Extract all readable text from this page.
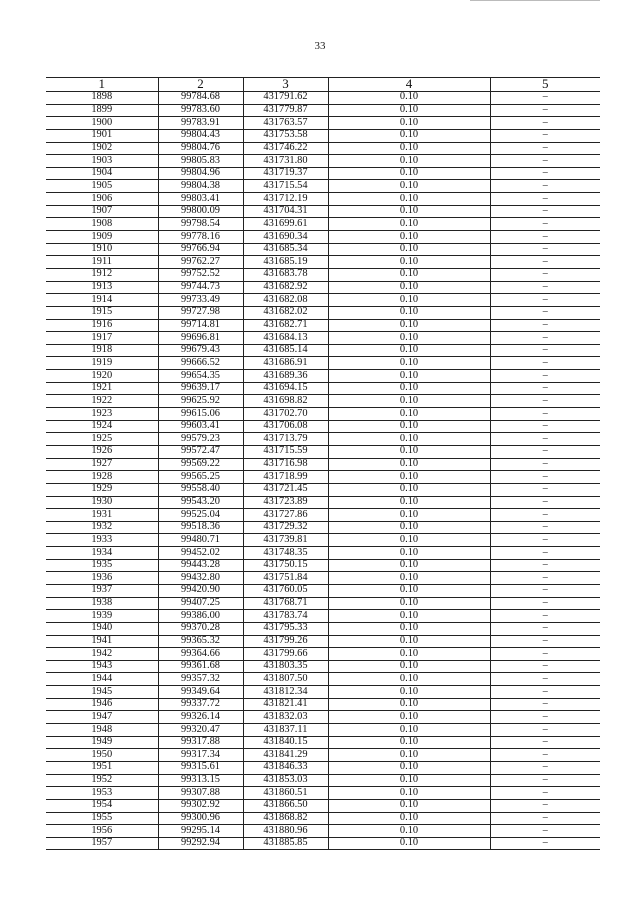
33
1	2	3	4	5
1898	99784.68	431791.62	0.10	–
1899	99783.60	431779.87	0.10	–
1900	99783.91	431763.57	0.10	–
1901	99804.43	431753.58	0.10	–
1902	99804.76	431746.22	0.10	–
1903	99805.83	431731.80	0.10	–
1904	99804.96	431719.37	0.10	–
1905	99804.38	431715.54	0.10	–
1906	99803.41	431712.19	0.10	–
1907	99800.09	431704.31	0.10	–
1908	99798.54	431699.61	0.10	–
1909	99778.16	431690.34	0.10	–
1910	99766.94	431685.34	0.10	–
1911	99762.27	431685.19	0.10	–
1912	99752.52	431683.78	0.10	–
1913	99744.73	431682.92	0.10	–
1914	99733.49	431682.08	0.10	–
1915	99727.98	431682.02	0.10	–
1916	99714.81	431682.71	0.10	–
1917	99696.81	431684.13	0.10	–
1918	99679.43	431685.14	0.10	–
1919	99666.52	431686.91	0.10	–
1920	99654.35	431689.36	0.10	–
1921	99639.17	431694.15	0.10	–
1922	99625.92	431698.82	0.10	–
1923	99615.06	431702.70	0.10	–
1924	99603.41	431706.08	0.10	–
1925	99579.23	431713.79	0.10	–
1926	99572.47	431715.59	0.10	–
1927	99569.22	431716.98	0.10	–
1928	99565.25	431718.99	0.10	–
1929	99558.40	431721.45	0.10	–
1930	99543.20	431723.89	0.10	–
1931	99525.04	431727.86	0.10	–
1932	99518.36	431729.32	0.10	–
1933	99480.71	431739.81	0.10	–
1934	99452.02	431748.35	0.10	–
1935	99443.28	431750.15	0.10	–
1936	99432.80	431751.84	0.10	–
1937	99420.90	431760.05	0.10	–
1938	99407.25	431768.71	0.10	–
1939	99386.00	431783.74	0.10	–
1940	99370.28	431795.33	0.10	–
1941	99365.32	431799.26	0.10	–
1942	99364.66	431799.66	0.10	–
1943	99361.68	431803.35	0.10	–
1944	99357.32	431807.50	0.10	–
1945	99349.64	431812.34	0.10	–
1946	99337.72	431821.41	0.10	–
1947	99326.14	431832.03	0.10	–
1948	99320.47	431837.11	0.10	–
1949	99317.88	431840.15	0.10	–
1950	99317.34	431841.29	0.10	–
1951	99315.61	431846.33	0.10	–
1952	99313.15	431853.03	0.10	–
1953	99307.88	431860.51	0.10	–
1954	99302.92	431866.50	0.10	–
1955	99300.96	431868.82	0.10	–
1956	99295.14	431880.96	0.10	–
1957	99292.94	431885.85	0.10	–
